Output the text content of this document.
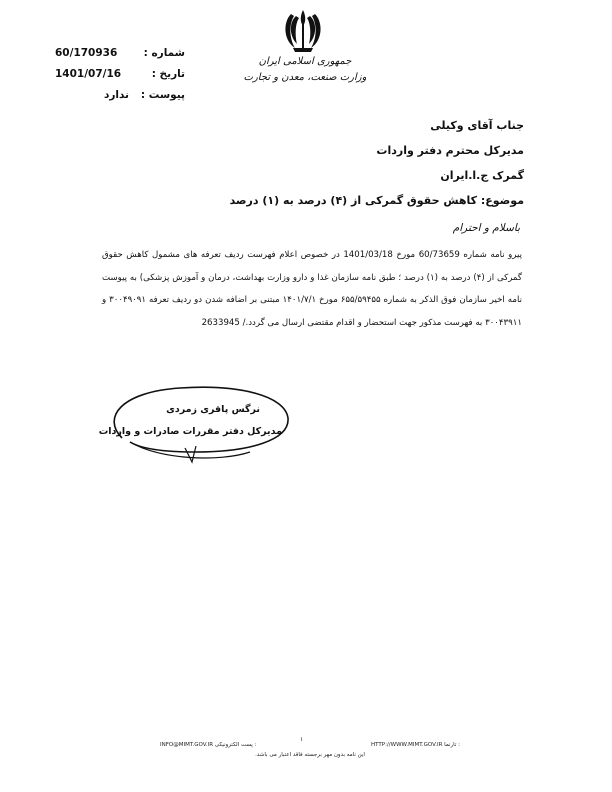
جمهوری اسلامی ایران
وزارت صنعت، معدن و تجارت
شماره :
60/170936
تاریخ :
1401/07/16
پیوست :
ندارد
جناب آقای وکیلی
مدیرکل محترم دفتر واردات
گمرک ج.ا.ایران
موضوع: کاهش حقوق گمرکی از (۴) درصد به (۱) درصد
باسلام و احترام
پیرو نامه شماره 60/73659 مورخ 1401/03/18 در خصوص اعلام فهرست ردیف تعرفه های مشمول کاهش حقوق گمرکی از (۴) درصد به (۱) درصد ؛ طبق نامه سازمان غذا و دارو وزارت بهداشت، درمان و آموزش پزشکی) به پیوست نامه اخیر سازمان فوق الذکر به شماره ۶۵۵/۵۹۴۵۵ مورخ ۱۴۰۱/۷/۱ مبتنی بر اضافه شدن دو ردیف تعرفه ۳۰۰۴۹۰۹۱ و ۳۰۰۴۳۹۱۱ به فهرست مذکور جهت استحضار و اقدام مقتضی ارسال می گردد./ 2633945
نرگس پاقری زمردی
مدیرکل دفتر مقررات صادرات و واردات
۱
INFO@MIMT.GOV.IR پست الکترونیکی :	HTTP://WWW.MIMT.GOV.IR تارنما :
این نامه بدون مهر برجسته فاقد اعتبار می باشد.
